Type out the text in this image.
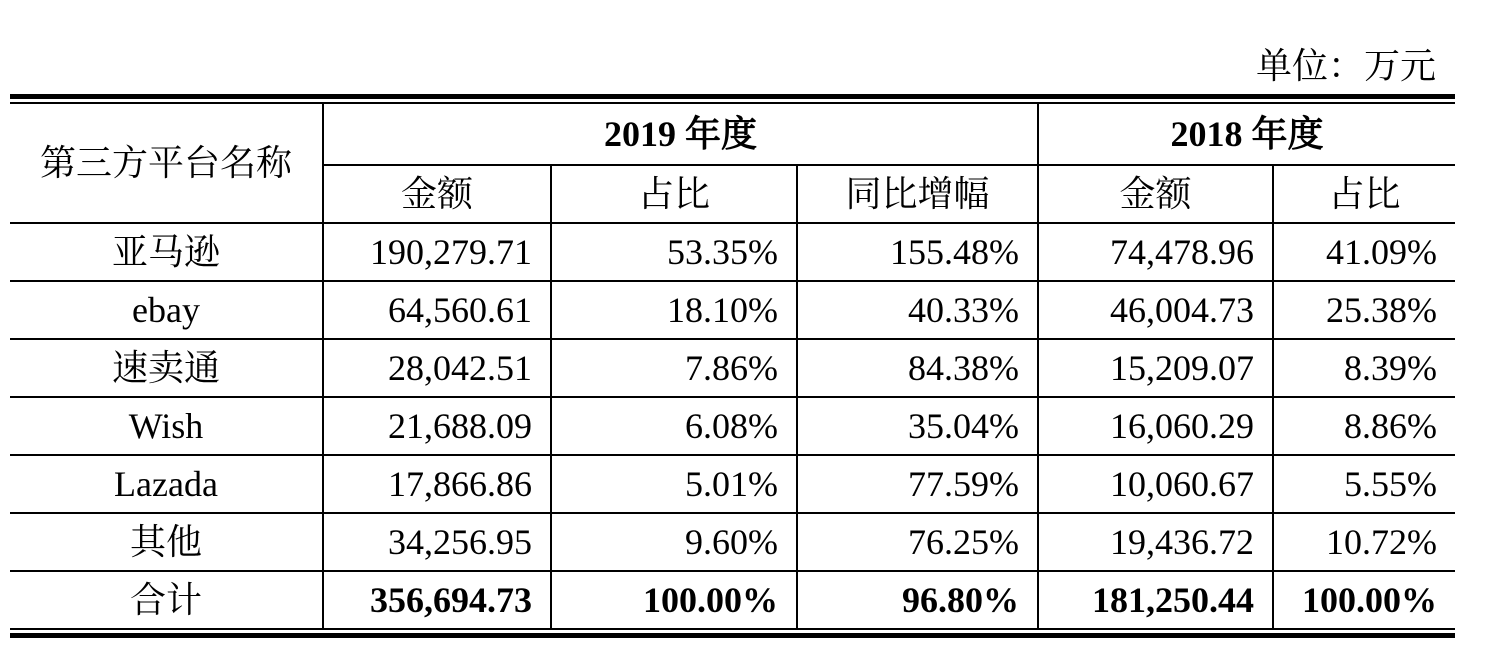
单位：万元
第三方平台名称	2019 年度			2018 年度	
	金额	占比	同比增幅	金额	占比
亚马逊	190,279.71	53.35%	155.48%	74,478.96	41.09%
ebay	64,560.61	18.10%	40.33%	46,004.73	25.38%
速卖通	28,042.51	7.86%	84.38%	15,209.07	8.39%
Wish	21,688.09	6.08%	35.04%	16,060.29	8.86%
Lazada	17,866.86	5.01%	77.59%	10,060.67	5.55%
其他	34,256.95	9.60%	76.25%	19,436.72	10.72%
合计	356,694.73	100.00%	96.80%	181,250.44	100.00%
